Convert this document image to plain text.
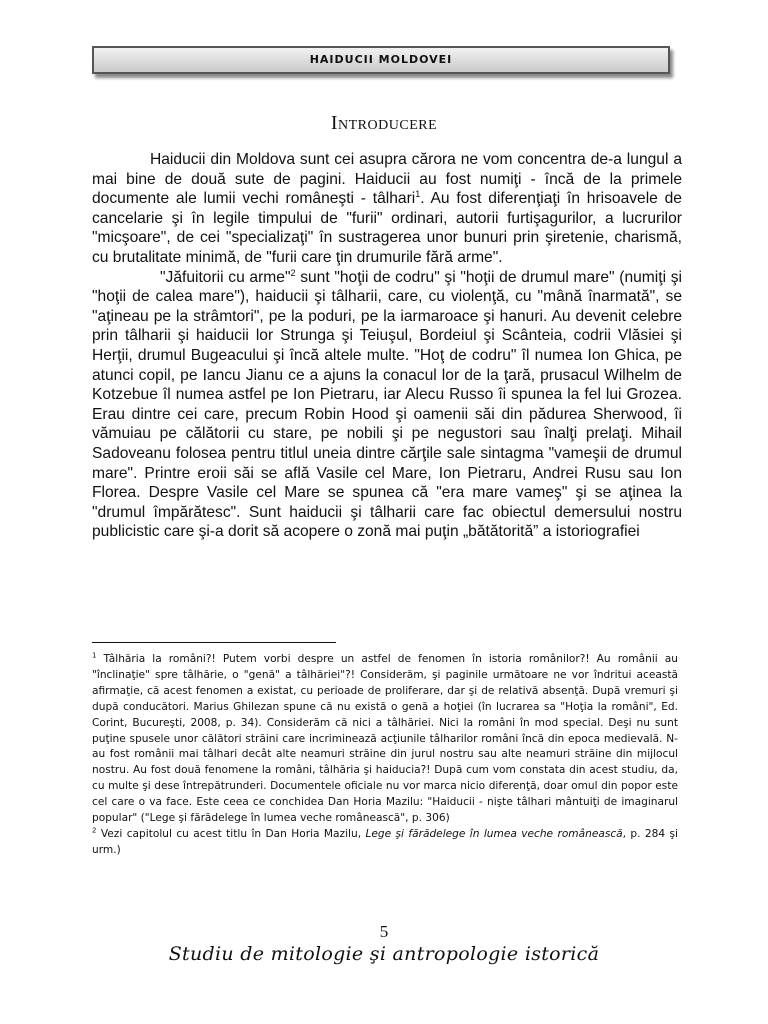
HAIDUCII MOLDOVEI
Introducere

Haiducii din Moldova sunt cei asupra cărora ne vom concentra de-a lungul a mai bine de două sute de pagini. Haiducii au fost numiţi - încă de la primele documente ale lumii vechi româneşti - tâlhari$^1$. Au fost diferenţiaţi în hrisoavele de cancelarie şi în legile timpului de "furii" ordinari, autorii furtişagurilor, a lucrurilor "micşoare", de cei "specializaţi" în sustragerea unor bunuri prin şiretenie, charismă, cu brutalitate minimă, de "furii care ţin drumurile fără arme".

"Jăfuitorii cu arme"$^2$ sunt "hoţii de codru" şi "hoţii de drumul mare" (numiţi şi "hoţii de calea mare"), haiducii şi tâlharii, care, cu violenţă, cu "mână înarmată", se "aţineau pe la strâmtori", pe la poduri, pe la iarmaroace şi hanuri. Au devenit celebre prin tâlharii şi haiducii lor Strunga şi Teiuşul, Bordeiul şi Scânteia, codrii Vlăsiei şi Herţii, drumul Bugeacului şi încă altele multe. "Hoţ de codru" îl numea Ion Ghica, pe atunci copil, pe Iancu Jianu ce a ajuns la conacul lor de la ţară, prusacul Wilhelm de Kotzebue îl numea astfel pe Ion Pietraru, iar Alecu Russo îi spunea la fel lui Grozea. Erau dintre cei care, precum Robin Hood şi oamenii săi din pădurea Sherwood, îi vămuiau pe călătorii cu stare, pe nobili şi pe negustori sau înalţi prelaţi. Mihail Sadoveanu folosea pentru titlul uneia dintre cărţile sale sintagma "vameşii de drumul mare". Printre eroii săi se află Vasile cel Mare, Ion Pietraru, Andrei Rusu sau Ion Florea. Despre Vasile cel Mare se spunea că "era mare vameş" şi se aţinea la "drumul împărătesc". Sunt haiducii şi tâlharii care fac obiectul demersului nostru publicistic care şi-a dorit să acopere o zonă mai puţin „bătătorită” a istoriografiei

$^1$ Tâlhăria la români?! Putem vorbi despre un astfel de fenomen în istoria românilor?! Au românii au "înclinaţie" spre tâlhărie, o "genă" a tâlhăriei"?! Considerăm, şi paginile următoare ne vor îndritui această afirmaţie, că acest fenomen a existat, cu perioade de proliferare, dar şi de relativă absenţă. După vremuri şi după conducători. Marius Ghilezan spune că nu există o genă a hoţiei (în lucrarea sa "Hoţia la români", Ed. Corint, Bucureşti, 2008, p. 34). Considerăm că nici a tâlhăriei. Nici la români în mod special. Deşi nu sunt puţine spusele unor călători străini care incriminează acţiunile tâlharilor români încă din epoca medievală. N-au fost românii mai tâlhari decât alte neamuri străine din jurul nostru sau alte neamuri străine din mijlocul nostru. Au fost două fenomene la români, tâlhăria şi haiducia?! După cum vom constata din acest studiu, da, cu multe şi dese întrepătrunderi. Documentele oficiale nu vor marca nicio diferenţă, doar omul din popor este cel care o va face. Este ceea ce conchidea Dan Horia Mazilu: "Haiducii - nişte tâlhari mântuiţi de imaginarul popular" ("Lege şi fărădelege în lumea veche românească", p. 306)

$^2$ Vezi capitolul cu acest titlu în Dan Horia Mazilu, Lege şi fărădelege în lumea veche românească, p. 284 şi urm.)

5
Studiu de mitologie şi antropologie istorică
